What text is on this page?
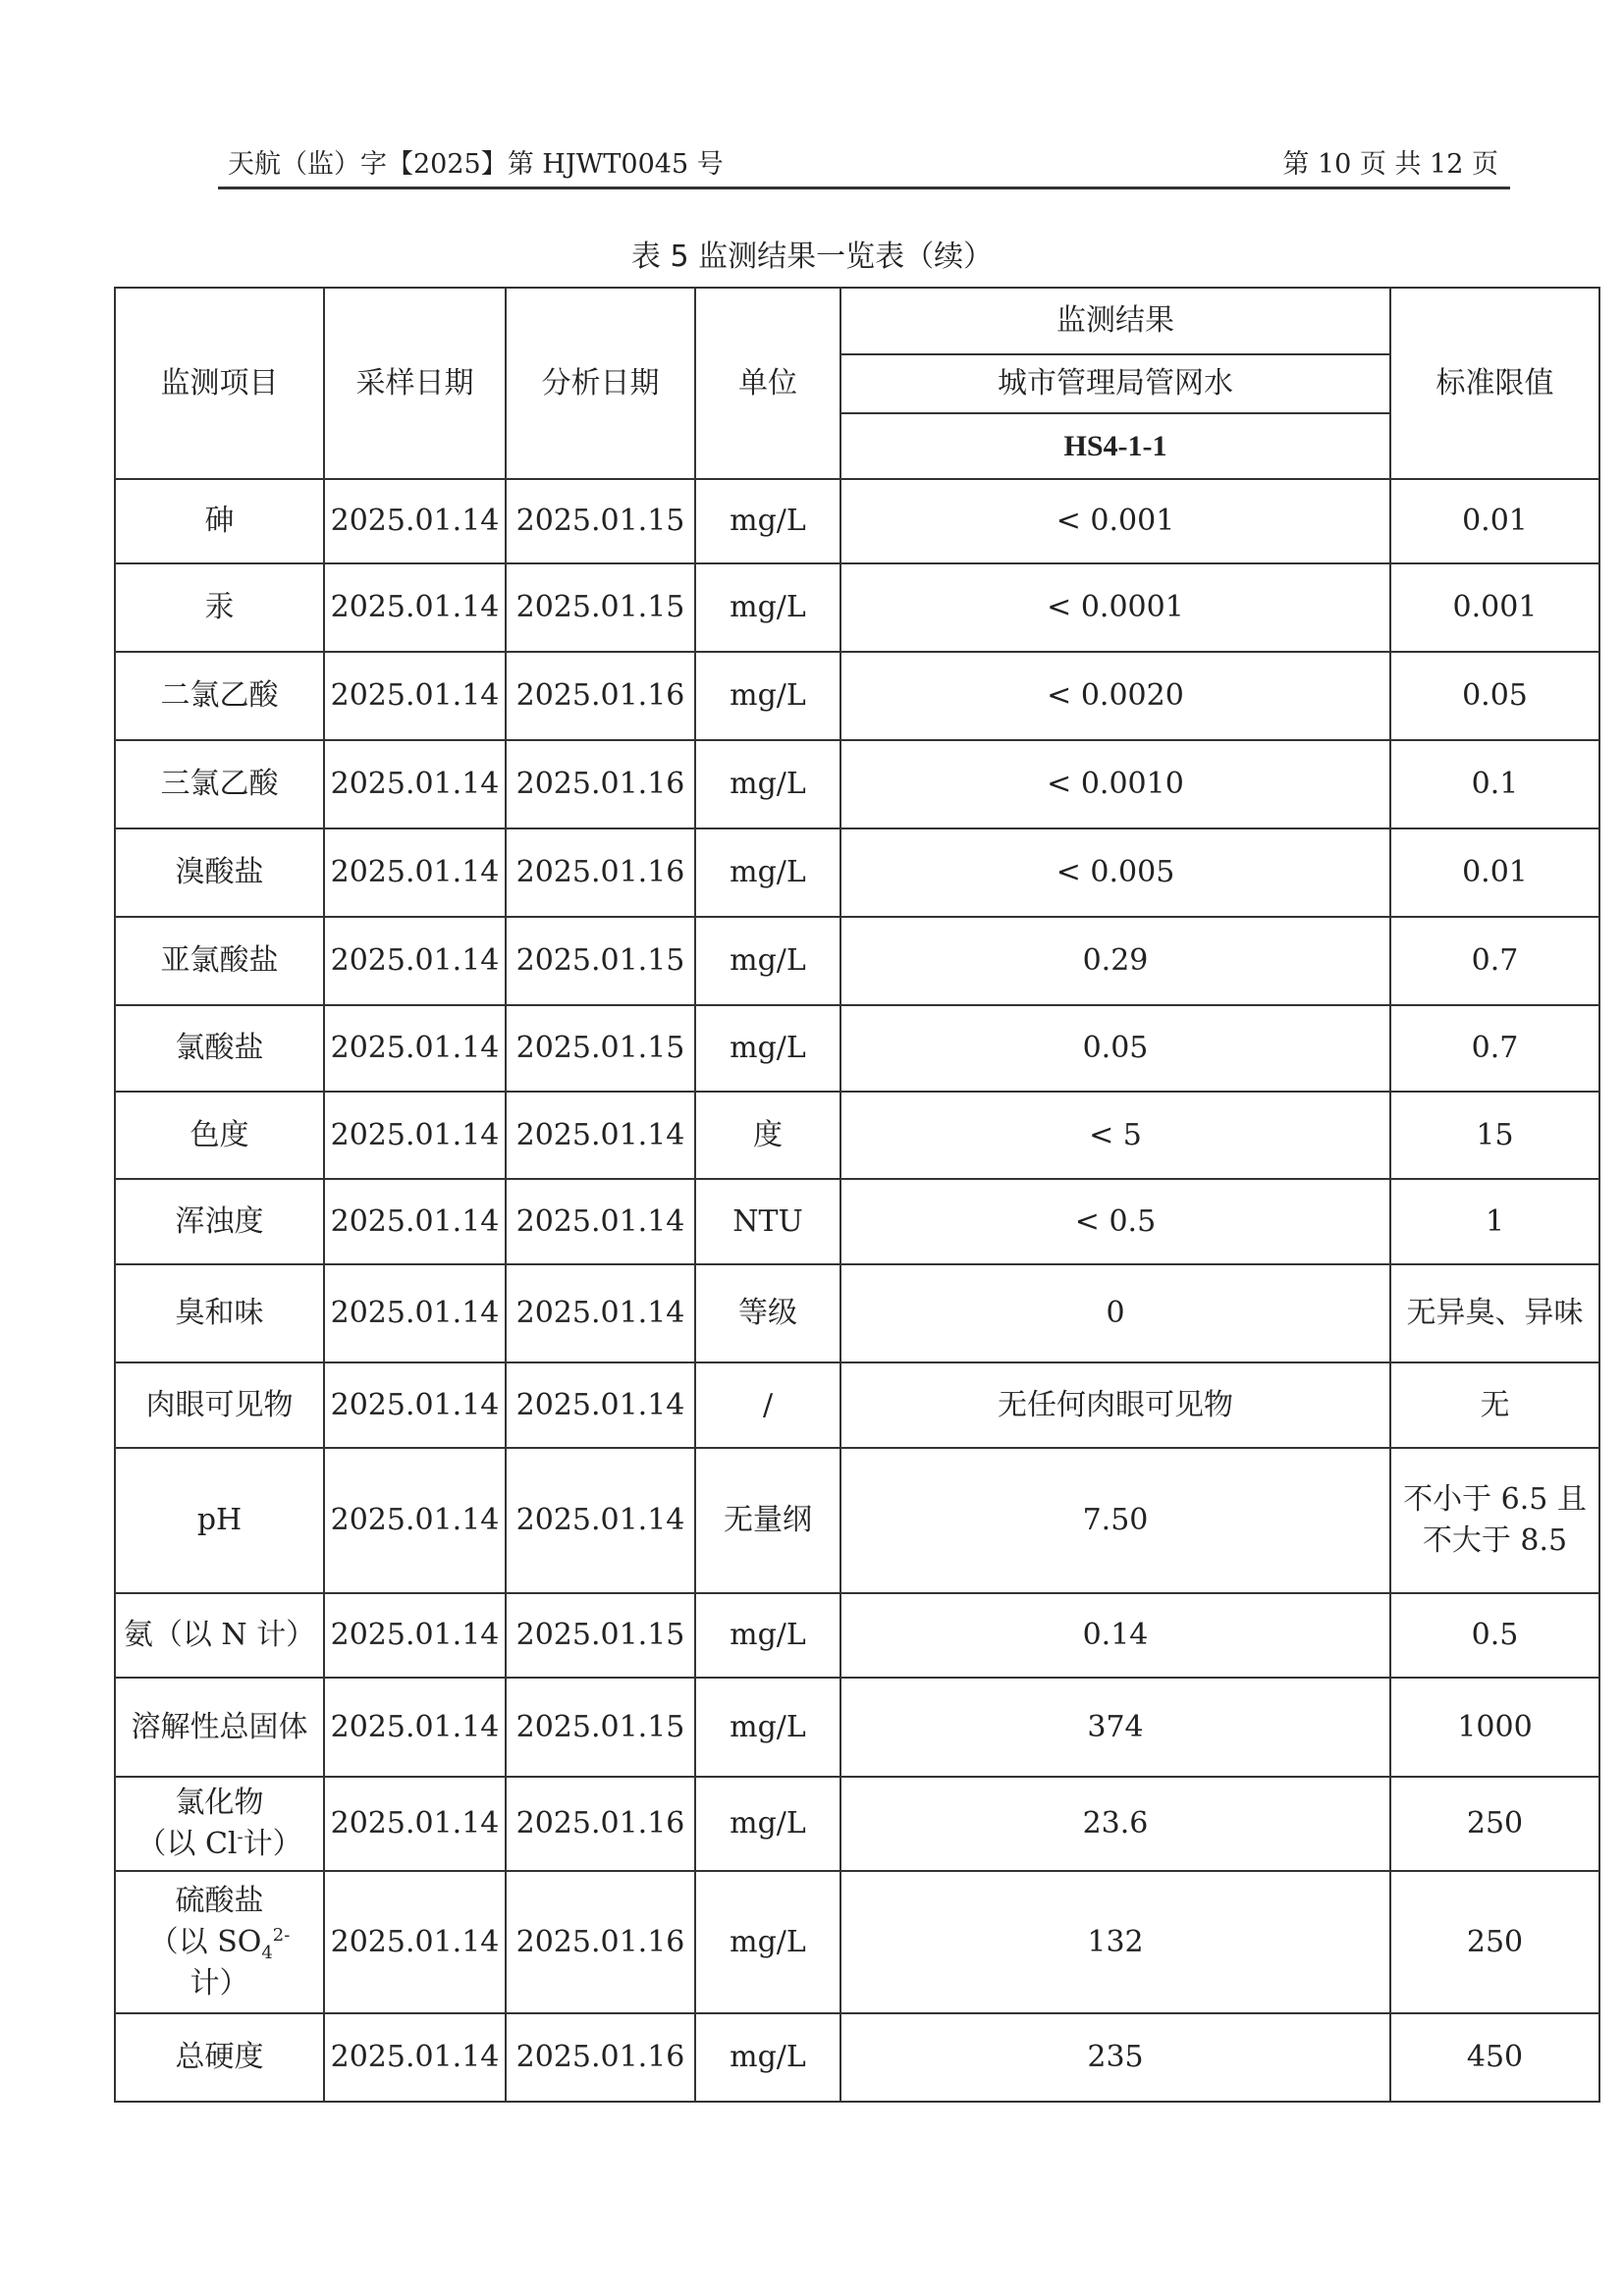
天航（监）字【2025】第 HJWT0045 号	第 10 页 共 12 页
表 5 监测结果一览表（续）
监测项目	采样日期	分析日期	单位	监测结果	标准限值
				城市管理局管网水	
				HS4-1-1	
砷	2025.01.14	2025.01.15	mg/L	< 0.001	0.01
汞	2025.01.14	2025.01.15	mg/L	< 0.0001	0.001
二氯乙酸	2025.01.14	2025.01.16	mg/L	< 0.0020	0.05
三氯乙酸	2025.01.14	2025.01.16	mg/L	< 0.0010	0.1
溴酸盐	2025.01.14	2025.01.16	mg/L	< 0.005	0.01
亚氯酸盐	2025.01.14	2025.01.15	mg/L	0.29	0.7
氯酸盐	2025.01.14	2025.01.15	mg/L	0.05	0.7
色度	2025.01.14	2025.01.14	度	< 5	15
浑浊度	2025.01.14	2025.01.14	NTU	< 0.5	1
臭和味	2025.01.14	2025.01.14	等级	0	无异臭、异味
肉眼可见物	2025.01.14	2025.01.14	/	无任何肉眼可见物	无
pH	2025.01.14	2025.01.14	无量纲	7.50	不小于 6.5 且不大于 8.5
氨（以 N 计）	2025.01.14	2025.01.15	mg/L	0.14	0.5
溶解性总固体	2025.01.14	2025.01.15	mg/L	374	1000
氯化物
（以 Cl-计）	2025.01.14	2025.01.16	mg/L	23.6	250
硫酸盐
（以 $SO_4^{2-}$计）	2025.01.14	2025.01.16	mg/L	132	250
总硬度	2025.01.14	2025.01.16	mg/L	235	450
